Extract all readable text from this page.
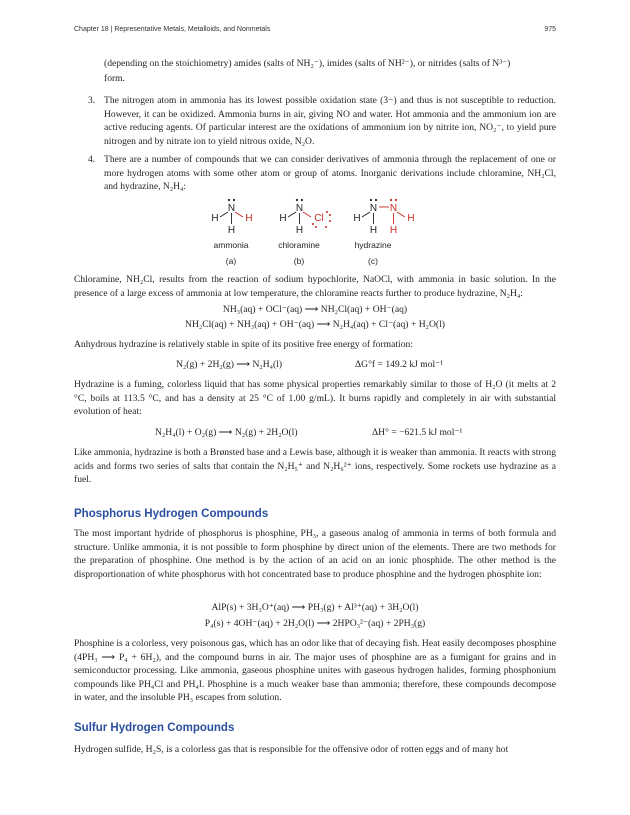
Chapter 18 | Representative Metals, Metalloids, and Nonmetals	975

(depending on the stoichiometry) amides (salts of NH₂⁻), imides (salts of NH²⁻), or nitrides (salts of N³⁻)

form.

3. The nitrogen atom in ammonia has its lowest possible oxidation state (3−) and thus is not susceptible to reduction. However, it can be oxidized. Ammonia burns in air, giving NO and water. Hot ammonia and the ammonium ion are active reducing agents. Of particular interest are the oxidations of ammonium ion by nitrite ion, NO₂⁻, to yield pure nitrogen and by nitrate ion to yield nitrous oxide, N₂O.

4. There are a number of compounds that we can consider derivatives of ammonia through the replacement of one or more hydrogen atoms with some other atom or group of atoms. Inorganic derivations include chloramine, NH₂Cl, and hydrazine, N₂H₄:

N
H	H
H
N
H	Cl
H
N N
H
H H
H
ammonia	chloramine	hydrazine
(a)	(b)	(c)

Chloramine, NH₂Cl, results from the reaction of sodium hypochlorite, NaOCl, with ammonia in basic solution. In the presence of a large excess of ammonia at low temperature, the chloramine reacts further to produce hydrazine, N₂H₄:

NH₃(aq) + OCl⁻(aq) ⟶ NH₂Cl(aq) + OH⁻(aq)
NH₂Cl(aq) + NH₃(aq) + OH⁻(aq) ⟶ N₂H₄(aq) + Cl⁻(aq) + H₂O(l)

Anhydrous hydrazine is relatively stable in spite of its positive free energy of formation:

N₂(g) + 2H₂(g) ⟶ N₂H₄(l)	ΔG°f = 149.2 kJ mol⁻¹

Hydrazine is a fuming, colorless liquid that has some physical properties remarkably similar to those of H₂O (it melts at 2 °C, boils at 113.5 °C, and has a density at 25 °C of 1.00 g/mL). It burns rapidly and completely in air with substantial evolution of heat:

N₂H₄(l) + O₂(g) ⟶ N₂(g) + 2H₂O(l)	ΔH° = −621.5 kJ mol⁻¹

Like ammonia, hydrazine is both a Brønsted base and a Lewis base, although it is weaker than ammonia. It reacts with strong acids and forms two series of salts that contain the N₂H₅⁺ and N₂H₆²⁺ ions, respectively. Some rockets use hydrazine as a fuel.

Phosphorus Hydrogen Compounds

The most important hydride of phosphorus is phosphine, PH₃, a gaseous analog of ammonia in terms of both formula and structure. Unlike ammonia, it is not possible to form phosphine by direct union of the elements. There are two methods for the preparation of phosphine. One method is by the action of an acid on an ionic phosphide. The other method is the disproportionation of white phosphorus with hot concentrated base to produce phosphine and the hydrogen phosphite ion:

AlP(s) + 3H₃O⁺(aq) ⟶ PH₃(g) + Al³⁺(aq) + 3H₂O(l)
P₄(s) + 4OH⁻(aq) + 2H₂O(l) ⟶ 2HPO₃²⁻(aq) + 2PH₃(g)

Phosphine is a colorless, very poisonous gas, which has an odor like that of decaying fish. Heat easily decomposes phosphine (4PH₃ ⟶ P₄ + 6H₂), and the compound burns in air. The major uses of phosphine are as a fumigant for grains and in semiconductor processing. Like ammonia, gaseous phosphine unites with gaseous hydrogen halides, forming phosphonium compounds like PH₄Cl and PH₄I. Phosphine is a much weaker base than ammonia; therefore, these compounds decompose in water, and the insoluble PH₃ escapes from solution.

Sulfur Hydrogen Compounds

Hydrogen sulfide, H₂S, is a colorless gas that is responsible for the offensive odor of rotten eggs and of many hot
